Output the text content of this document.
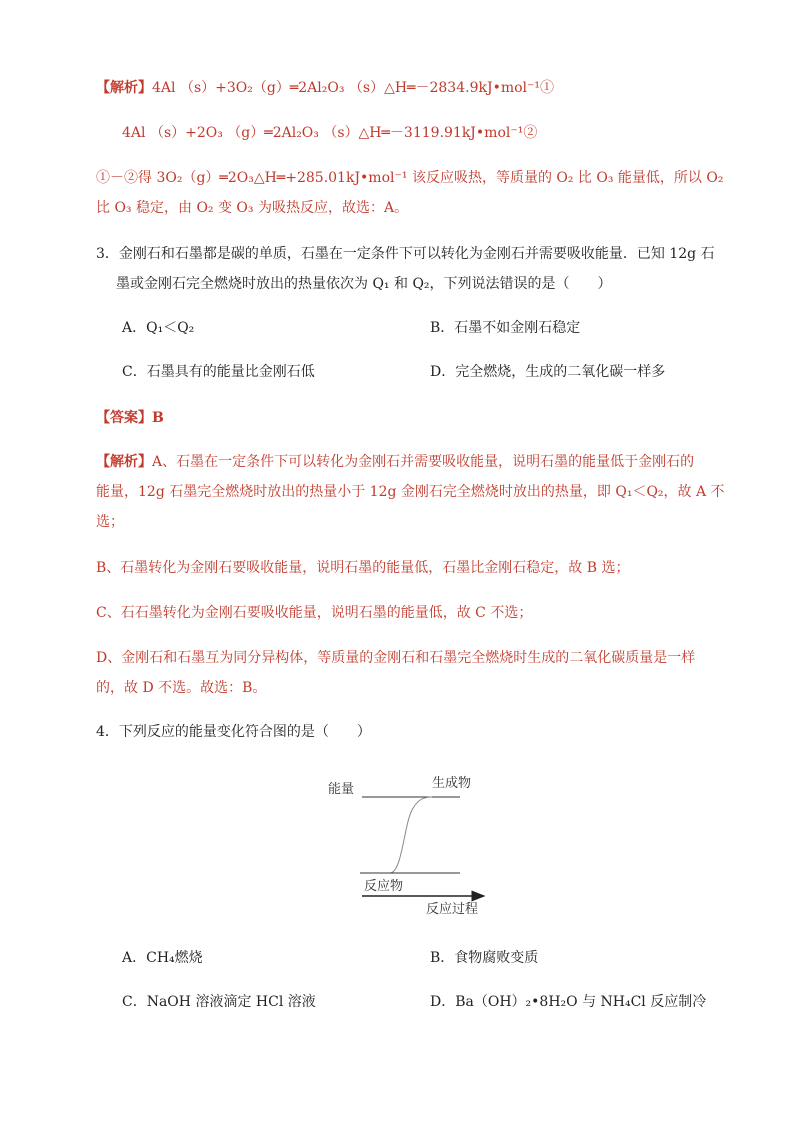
【解析】4Al （s）+3O₂（g）═2Al₂O₃ （s）△H═－2834.9kJ•mol⁻¹①
4Al （s）+2O₃ （g）═2Al₂O₃ （s）△H═－3119.91kJ•mol⁻¹②
①－②得 3O₂（g）═2O₃△H═+285.01kJ•mol⁻¹ 该反应吸热，等质量的 O₂ 比 O₃ 能量低，所以 O₂
比 O₃ 稳定，由 O₂ 变 O₃ 为吸热反应，故选：A。
3．金刚石和石墨都是碳的单质，石墨在一定条件下可以转化为金刚石并需要吸收能量．已知 12g 石
墨或金刚石完全燃烧时放出的热量依次为 Q₁ 和 Q₂，下列说法错误的是（　　）
A．Q₁＜Q₂	B．石墨不如金刚石稳定
C．石墨具有的能量比金刚石低	D．完全燃烧，生成的二氧化碳一样多
【答案】B
【解析】A、石墨在一定条件下可以转化为金刚石并需要吸收能量，说明石墨的能量低于金刚石的
能量，12g 石墨完全燃烧时放出的热量小于 12g 金刚石完全燃烧时放出的热量，即 Q₁＜Q₂，故 A 不
选；
B、石墨转化为金刚石要吸收能量，说明石墨的能量低，石墨比金刚石稳定，故 B 选；
C、石石墨转化为金刚石要吸收能量，说明石墨的能量低，故 C 不选；
D、金刚石和石墨互为同分异构体，等质量的金刚石和石墨完全燃烧时生成的二氧化碳质量是一样
的，故 D 不选。故选：B。
4．下列反应的能量变化符合图的是（　　）
能量	生成物
反应物
反应过程
A．CH₄燃烧	B．食物腐败变质
C．NaOH 溶液滴定 HCl 溶液	D．Ba（OH）₂•8H₂O 与 NH₄Cl 反应制冷
